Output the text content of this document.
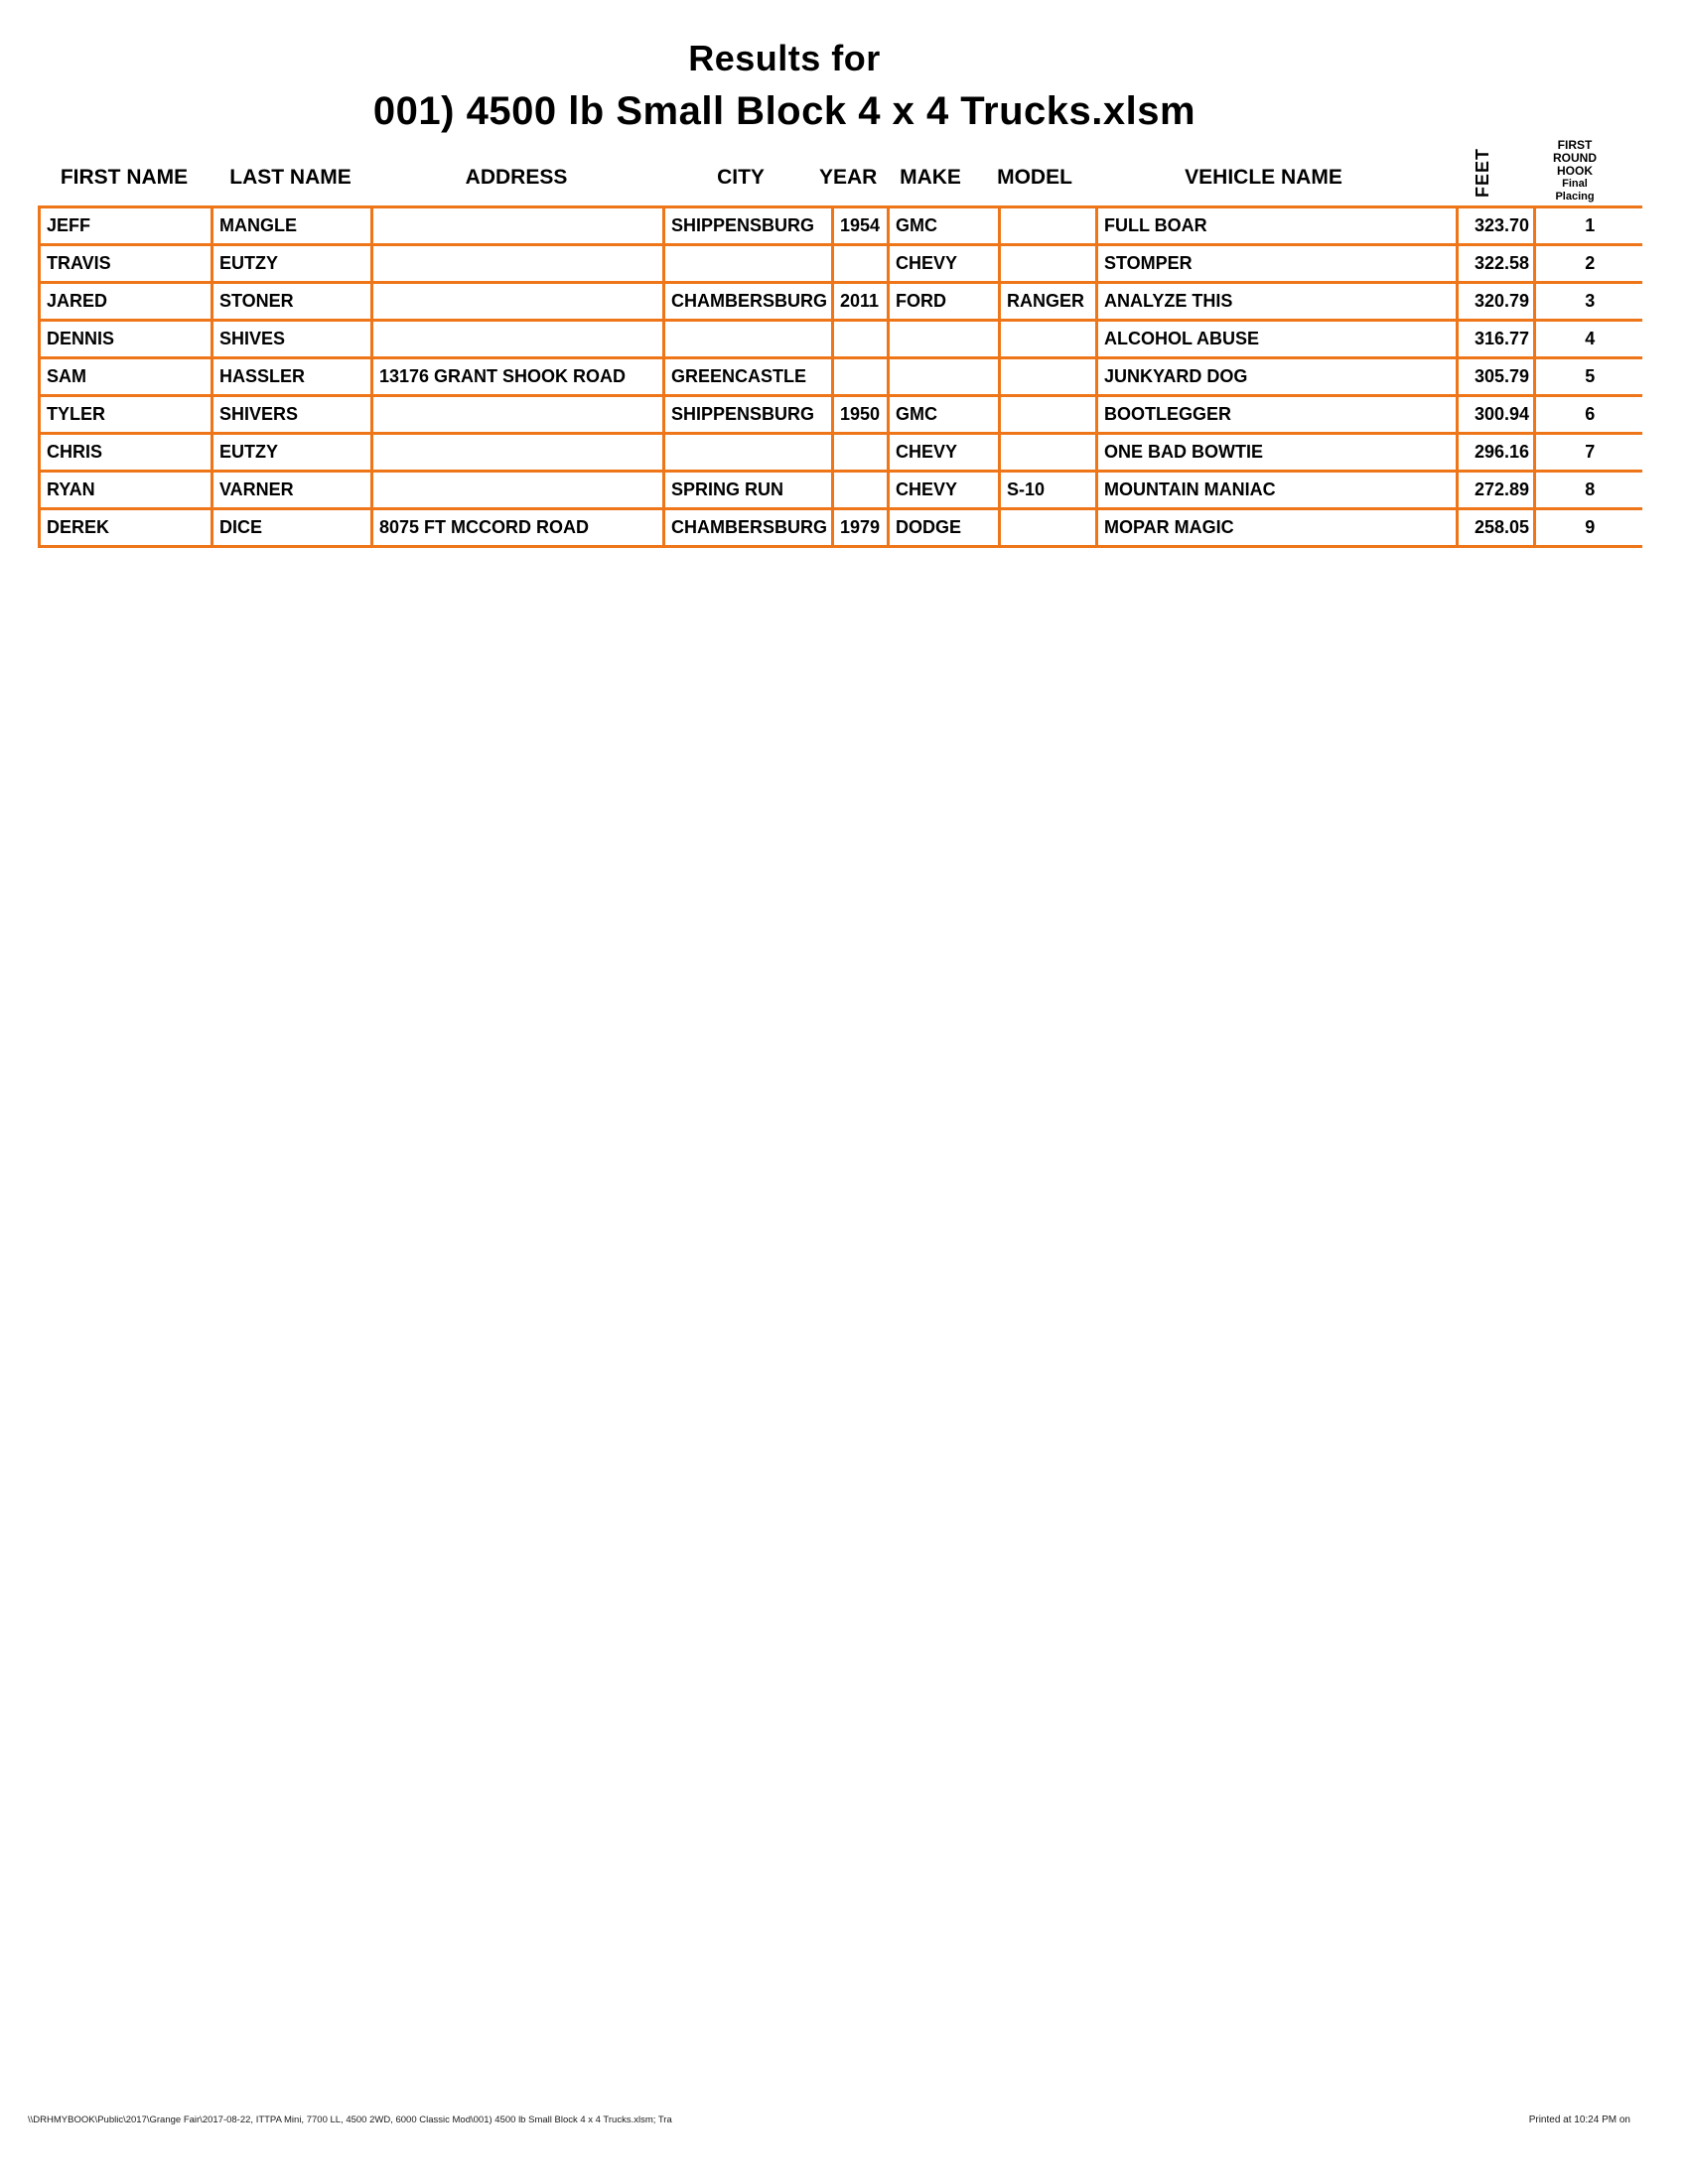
Results for
001) 4500 lb Small Block 4 x 4 Trucks.xlsm
FIRST NAME	LAST NAME	ADDRESS	CITY	YEAR	MAKE	MODEL	VEHICLE NAME	FEET
FIRST
ROUND
HOOK
Final
Placing
JEFF	MANGLE		SHIPPENSBURG	1954	GMC		FULL BOAR	323.70	1
TRAVIS	EUTZY				CHEVY		STOMPER	322.58	2
JARED	STONER		CHAMBERSBURG	2011	FORD	RANGER	ANALYZE THIS	320.79	3
DENNIS	SHIVES						ALCOHOL ABUSE	316.77	4
SAM	HASSLER	13176 GRANT SHOOK ROAD	GREENCASTLE				JUNKYARD DOG	305.79	5
TYLER	SHIVERS		SHIPPENSBURG	1950	GMC		BOOTLEGGER	300.94	6
CHRIS	EUTZY				CHEVY		ONE BAD BOWTIE	296.16	7
RYAN	VARNER		SPRING RUN		CHEVY	S-10	MOUNTAIN MANIAC	272.89	8
DEREK	DICE	8075 FT MCCORD ROAD	CHAMBERSBURG	1979	DODGE		MOPAR MAGIC	258.05	9
\\DRHMYBOOK\Public\2017\Grange Fair\2017-08-22, ITTPA Mini, 7700 LL, 4500 2WD, 6000 Classic Mod\001) 4500 lb Small Block 4 x 4 Trucks.xlsm; Tra	Printed at 10:24 PM on
